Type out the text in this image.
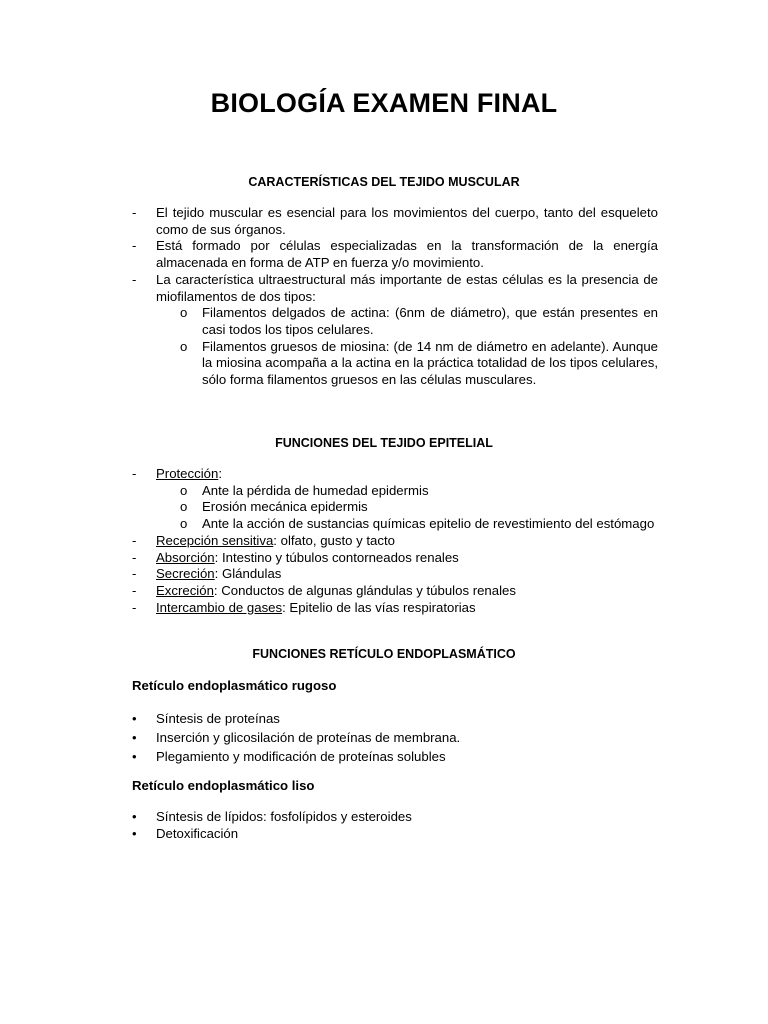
BIOLOGÍA EXAMEN FINAL
CARACTERÍSTICAS DEL TEJIDO MUSCULAR
- El tejido muscular es esencial para los movimientos del cuerpo, tanto del esqueleto como de sus órganos.
- Está formado por células especializadas en la transformación de la energía almacenada en forma de ATP en fuerza y/o movimiento.
- La característica ultraestructural más importante de estas células es la presencia de miofilamentos de dos tipos:
o Filamentos delgados de actina: (6nm de diámetro), que están presentes en casi todos los tipos celulares.
o Filamentos gruesos de miosina: (de 14 nm de diámetro en adelante). Aunque la miosina acompaña a la actina en la práctica totalidad de los tipos celulares, sólo forma filamentos gruesos en las células musculares.
FUNCIONES DEL TEJIDO EPITELIAL
- Protección:
o Ante la pérdida de humedad epidermis
o Erosión mecánica epidermis
o Ante la acción de sustancias químicas epitelio de revestimiento del estómago
- Recepción sensitiva: olfato, gusto y tacto
- Absorción: Intestino y túbulos contorneados renales
- Secreción: Glándulas
- Excreción: Conductos de algunas glándulas y túbulos renales
- Intercambio de gases: Epitelio de las vías respiratorias
FUNCIONES RETÍCULO ENDOPLASMÁTICO
Retículo endoplasmático rugoso
• Síntesis de proteínas
• Inserción y glicosilación de proteínas de membrana.
• Plegamiento y modificación de proteínas solubles
Retículo endoplasmático liso
• Síntesis de lípidos: fosfolípidos y esteroides
• Detoxificación
